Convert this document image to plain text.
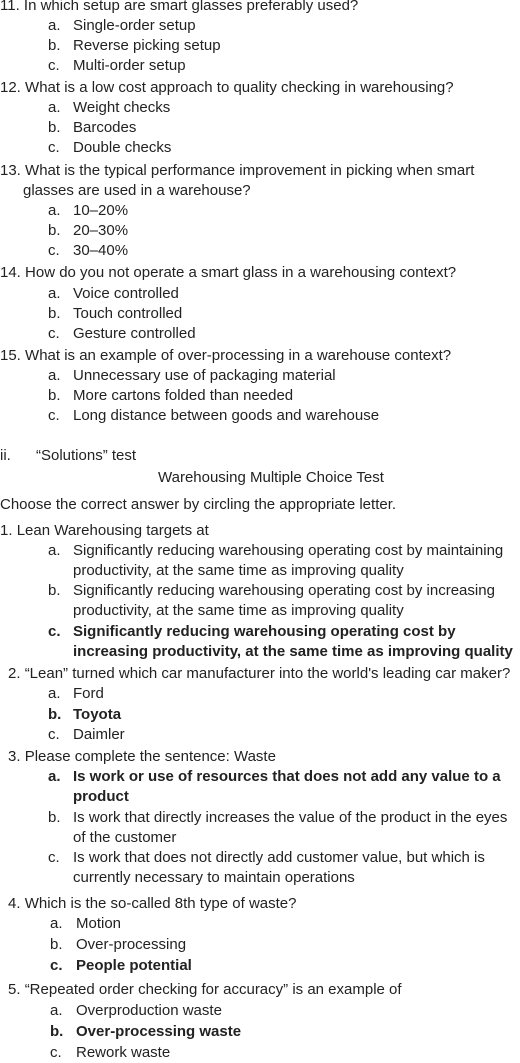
11. In which setup are smart glasses preferably used?
a. Single-order setup
b. Reverse picking setup
c. Multi-order setup
12. What is a low cost approach to quality checking in warehousing?
a. Weight checks
b. Barcodes
c. Double checks
13. What is the typical performance improvement in picking when smart
glasses are used in a warehouse?
a. 10–20%
b. 20–30%
c. 30–40%
14. How do you not operate a smart glass in a warehousing context?
a. Voice controlled
b. Touch controlled
c. Gesture controlled
15. What is an example of over-processing in a warehouse context?
a. Unnecessary use of packaging material
b. More cartons folded than needed
c. Long distance between goods and warehouse
ii. “Solutions” test
Warehousing Multiple Choice Test
Choose the correct answer by circling the appropriate letter.
1. Lean Warehousing targets at
a. Significantly reducing warehousing operating cost by maintaining
productivity, at the same time as improving quality
b. Significantly reducing warehousing operating cost by increasing
productivity, at the same time as improving quality
c. Significantly reducing warehousing operating cost by
increasing productivity, at the same time as improving quality
2. “Lean” turned which car manufacturer into the world's leading car maker?
a. Ford
b. Toyota
c. Daimler
3. Please complete the sentence: Waste
a. Is work or use of resources that does not add any value to a
product
b. Is work that directly increases the value of the product in the eyes
of the customer
c. Is work that does not directly add customer value, but which is
currently necessary to maintain operations
4. Which is the so-called 8th type of waste?
a. Motion
b. Over-processing
c. People potential
5. “Repeated order checking for accuracy” is an example of
a. Overproduction waste
b. Over-processing waste
c. Rework waste
